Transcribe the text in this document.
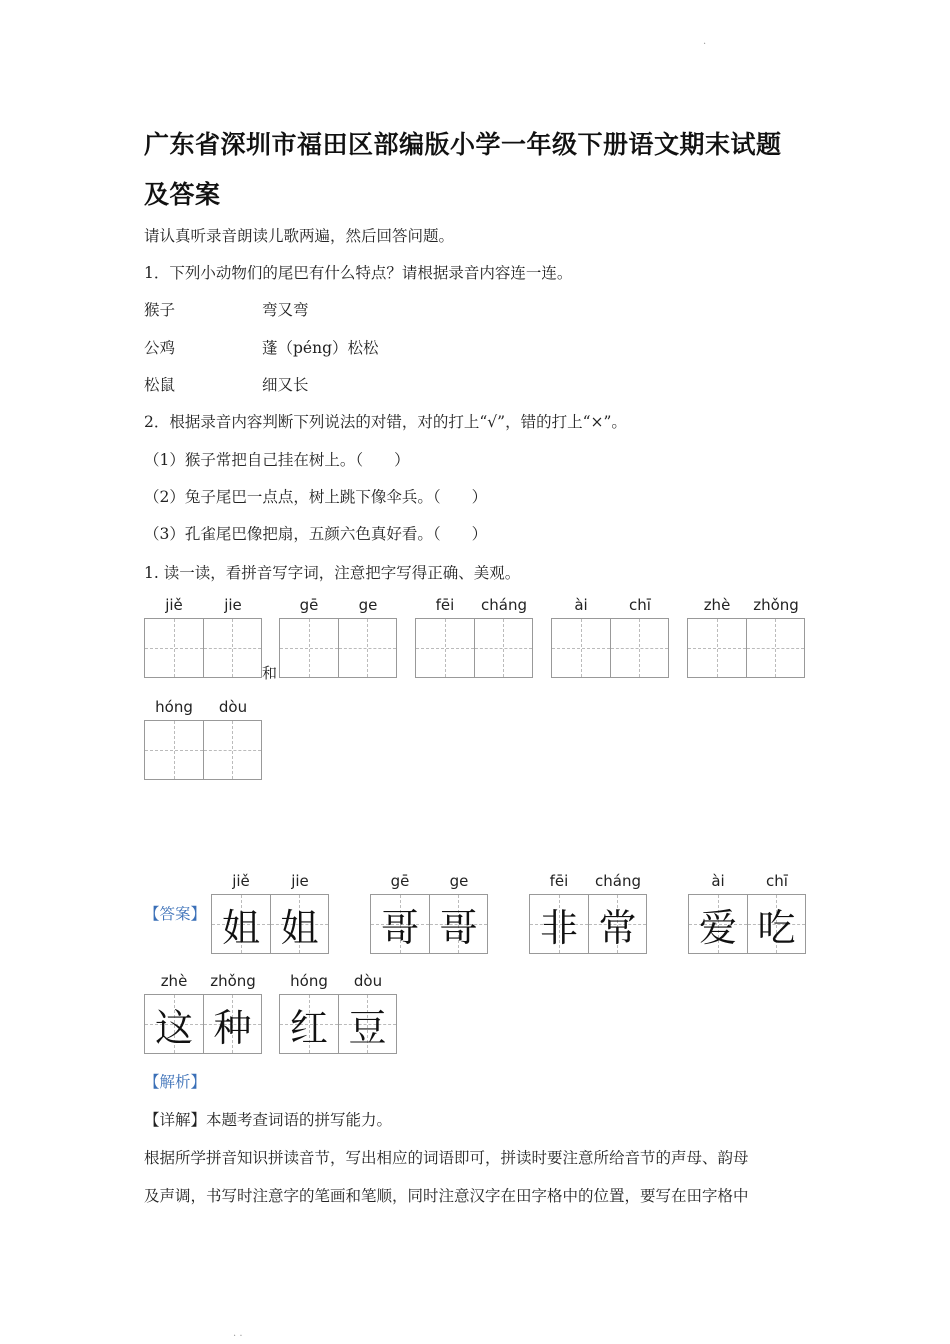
.
广东省深圳市福田区部编版小学一年级下册语文期末试题
及答案
请认真听录音朗读儿歌两遍，然后回答问题。
1．下列小动物们的尾巴有什么特点？请根据录音内容连一连。
猴子	弯又弯
公鸡	蓬（péng）松松
松鼠	细又长
2．根据录音内容判断下列说法的对错，对的打上“√”，错的打上“×”。
（1）猴子常把自己挂在树上。（　　）
（2）兔子尾巴一点点，树上跳下像伞兵。（　　）
（3）孔雀尾巴像把扇，五颜六色真好看。（　　）
1. 读一读，看拼音写字词，注意把字写得正确、美观。
jiě	jie
和
gē	ge	fēi	cháng	ài	chī	zhè	zhǒng
hóng	dòu
【答案】
jiě	jie
姐 姐
gē	ge
哥 哥
fēi	cháng
非 常
ài	chī
爱 吃
zhè	zhǒng
这 种
hóng	dòu
红 豆
【解析】
【详解】本题考查词语的拼写能力。
根据所学拼音知识拼读音节，写出相应的词语即可，拼读时要注意所给音节的声母、韵母
及声调，书写时注意字的笔画和笔顺，同时注意汉字在田字格中的位置，要写在田字格中
. .
